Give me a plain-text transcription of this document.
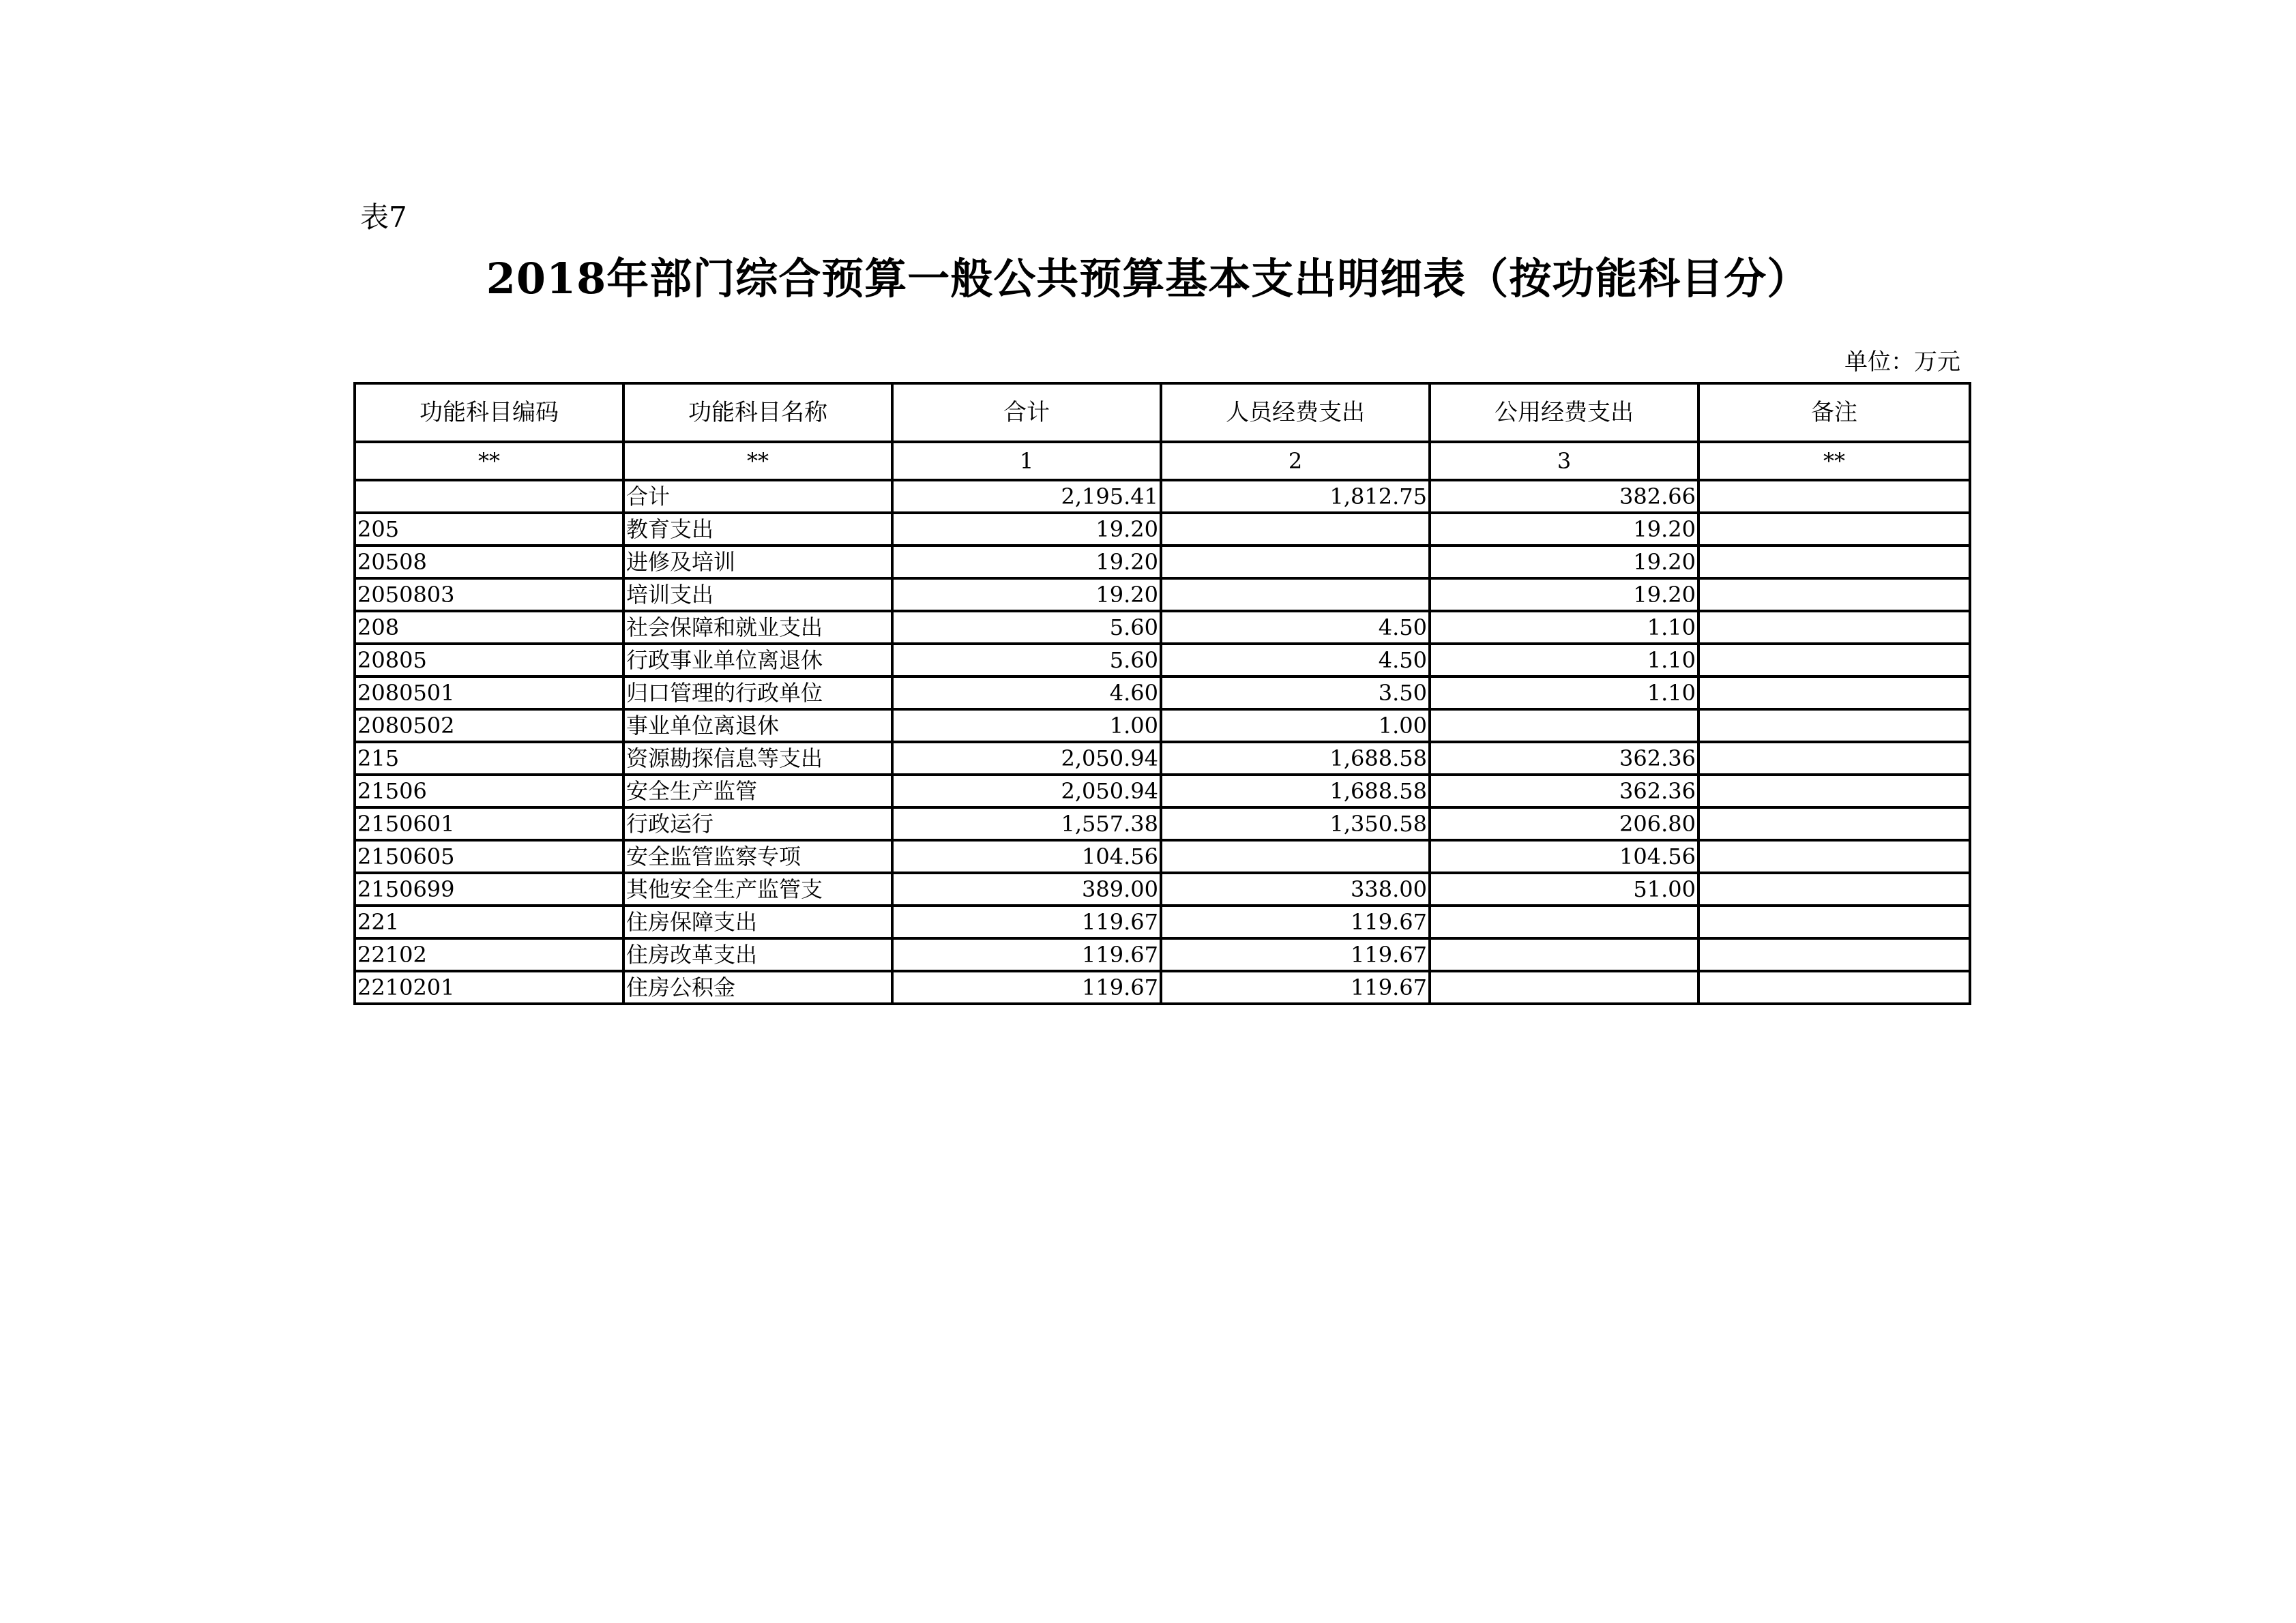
表7
2018年部门综合预算一般公共预算基本支出明细表（按功能科目分）
单位：万元
功能科目编码	功能科目名称	合计	人员经费支出	公用经费支出	备注
**	**	1	2	3	**
	合计	2,195.41	1,812.75	382.66	
205	教育支出	19.20		19.20	
20508	进修及培训	19.20		19.20	
2050803	培训支出	19.20		19.20	
208	社会保障和就业支出	5.60	4.50	1.10	
20805	行政事业单位离退休	5.60	4.50	1.10	
2080501	归口管理的行政单位	4.60	3.50	1.10	
2080502	事业单位离退休	1.00	1.00		
215	资源勘探信息等支出	2,050.94	1,688.58	362.36	
21506	安全生产监管	2,050.94	1,688.58	362.36	
2150601	行政运行	1,557.38	1,350.58	206.80	
2150605	安全监管监察专项	104.56		104.56	
2150699	其他安全生产监管支	389.00	338.00	51.00	
221	住房保障支出	119.67	119.67		
22102	住房改革支出	119.67	119.67		
2210201	住房公积金	119.67	119.67		
